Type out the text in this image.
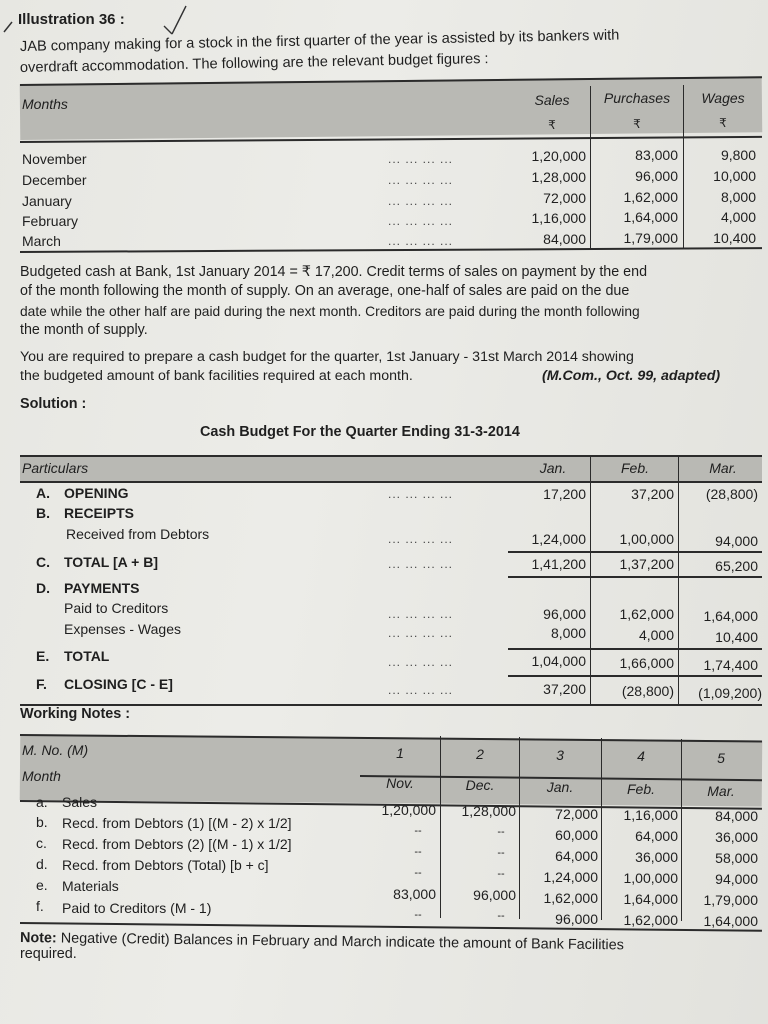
Illustration 36 :
JAB company making for a stock in the first quarter of the year is assisted by its bankers with
overdraft accommodation. The following are the relevant budget figures :
Months	Sales	Purchases	Wages
₹	₹	₹
November	... ... ... ...	1,20,000	83,000	9,800
December	... ... ... ...	1,28,000	96,000	10,000
January	... ... ... ...	72,000	1,62,000	8,000
February	... ... ... ...	1,16,000	1,64,000	4,000
March	... ... ... ...	84,000	1,79,000	10,400
Budgeted cash at Bank, 1st January 2014 = ₹ 17,200. Credit terms of sales on payment by the end
of the month following the month of supply. On an average, one-half of sales are paid on the due
date while the other half are paid during the next month. Creditors are paid during the month following
the month of supply.
You are required to prepare a cash budget for the quarter, 1st January - 31st March 2014 showing
the budgeted amount of bank facilities required at each month.	(M.Com., Oct. 99, adapted)
Solution :
Cash Budget For the Quarter Ending 31-3-2014
Particulars	Jan.	Feb.	Mar.
A. OPENING	... ... ... ...	17,200	37,200	(28,800)
B. RECEIPTS
Received from Debtors	... ... ... ...	1,24,000	1,00,000	94,000
C. TOTAL [A + B]	... ... ... ...	1,41,200	1,37,200	65,200
D. PAYMENTS
Paid to Creditors	... ... ... ...	96,000	1,62,000	1,64,000
Expenses - Wages	... ... ... ...	8,000	4,000	10,400
E. TOTAL	... ... ... ...	1,04,000	1,66,000	1,74,400
F. CLOSING [C - E]	... ... ... ...	37,200	(28,800)	(1,09,200)
Working Notes :
M. No. (M)
Month
1	2	3	4	5
Nov.	Dec.	Jan.	Feb.	Mar.
a. Sales	1,20,000	1,28,000	72,000	1,16,000	84,000
b. Recd. from Debtors (1) [(M - 2) x 1/2]	--	--	60,000	64,000	36,000
c. Recd. from Debtors (2) [(M - 1) x 1/2]	--	--	64,000	36,000	58,000
d. Recd. from Debtors (Total) [b + c]	--	--	1,24,000	1,00,000	94,000
e. Materials	83,000	96,000	1,62,000	1,64,000	1,79,000
f. Paid to Creditors (M - 1)	--	--	96,000	1,62,000	1,64,000
Note: Negative (Credit) Balances in February and March indicate the amount of Bank Facilities
required.
